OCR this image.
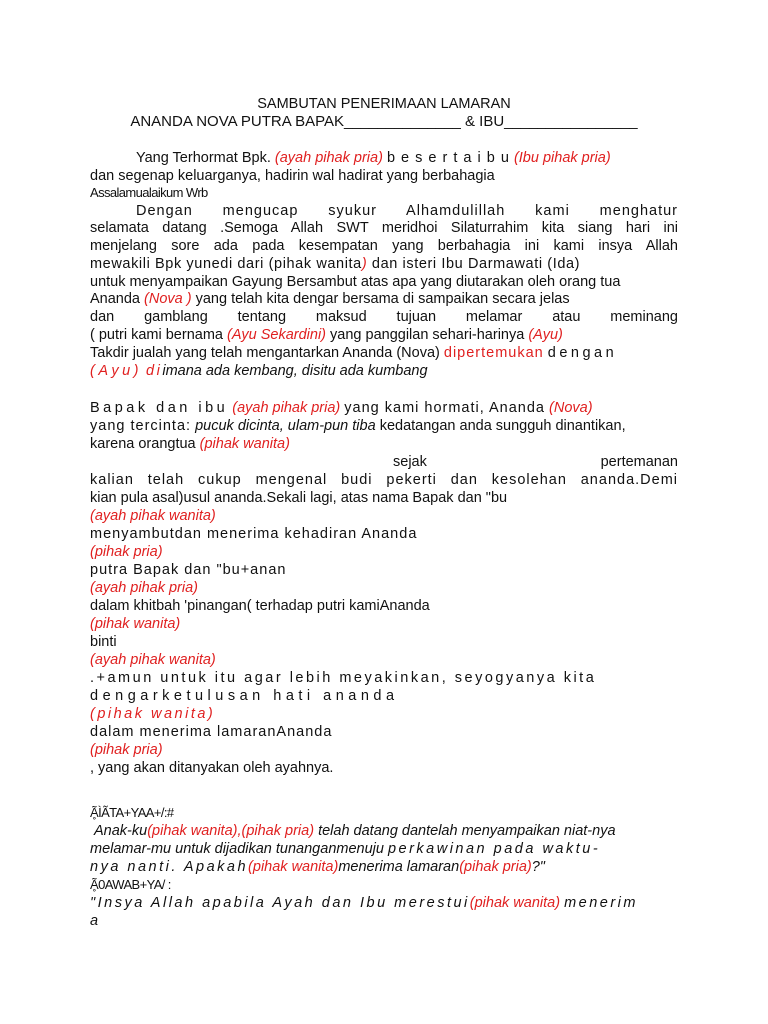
SAMBUTAN PENERIMAAN LAMARAN
ANANDA NOVA PUTRA BAPAK______________ & IBU________________
Yang Terhormat Bpk. (ayah pihak pria) b e s e r t a i b u (Ibu pihak pria)
dan segenap keluarganya, hadirin wal hadirat yang berbahagia
Assalamualaikum Wrb
Dengan mengucap syukur Alhamdulillah kami menghatur
selamata datang .Semoga Allah SWT meridhoi Silaturrahim kita siang hari ini
menjelang sore ada pada kesempatan yang berbahagia ini kami insya Allah
mewakili Bpk yunedi dari (pihak wanita) dan isteri Ibu Darmawati (Ida)
untuk menyampaikan Gayung Bersambut atas apa yang diutarakan oleh orang tua
Ananda (Nova ) yang telah kita dengar bersama di sampaikan secara jelas
dan gamblang tentang maksud tujuan melamar atau meminang
( putri kami bernama (Ayu Sekardini) yang panggilan sehari-harinya (Ayu)
Takdir jualah yang telah mengantarkan Ananda (Nova) dipertemukan dengan
(Ayu) diimana ada kembang, disitu ada kumbang
Bapak dan ibu (ayah pihak pria) yang kami hormati, Ananda (Nova)
yang tercinta: pucuk dicinta, ulam-pun tiba kedatangan anda sungguh dinantikan,
karena orangtua (pihak wanita)
sejak	pertemanan
kalian telah cukup mengenal budi pekerti dan kesolehan ananda.Demi
kian pula asal)usul ananda.Sekali lagi, atas nama Bapak dan "bu
(ayah pihak wanita)
menyambutdan menerima kehadiran Ananda
(pihak pria)
putra Bapak dan "bu+anan
(ayah pihak pria)
dalam khitbah 'pinangan( terhadap putri kamiAnanda
(pihak wanita)
binti
(ayah pihak wanita)
.+amun untuk itu agar lebih meyakinkan, seyogyanya kita
dengarketulusan hati ananda
(pihak wanita)
dalam menerima lamaranAnanda
(pihak pria)
, yang akan ditanyakan oleh ayahnya.
Ḁ̃ÌÃTA+YAA+/:#
Anak-ku(pihak wanita),(pihak pria) telah datang dantelah menyampaikan niat-nya
melamar-mu untuk dijadikan tunanganmenuju perkawinan pada waktu-
nya nanti. Apakah(pihak wanita)menerima lamaran(pihak pria)?"
Ḁ̃0AWAB+YA/ :
"Insya Allah apabila Ayah dan Ibu merestui(pihak wanita) menerim
a
